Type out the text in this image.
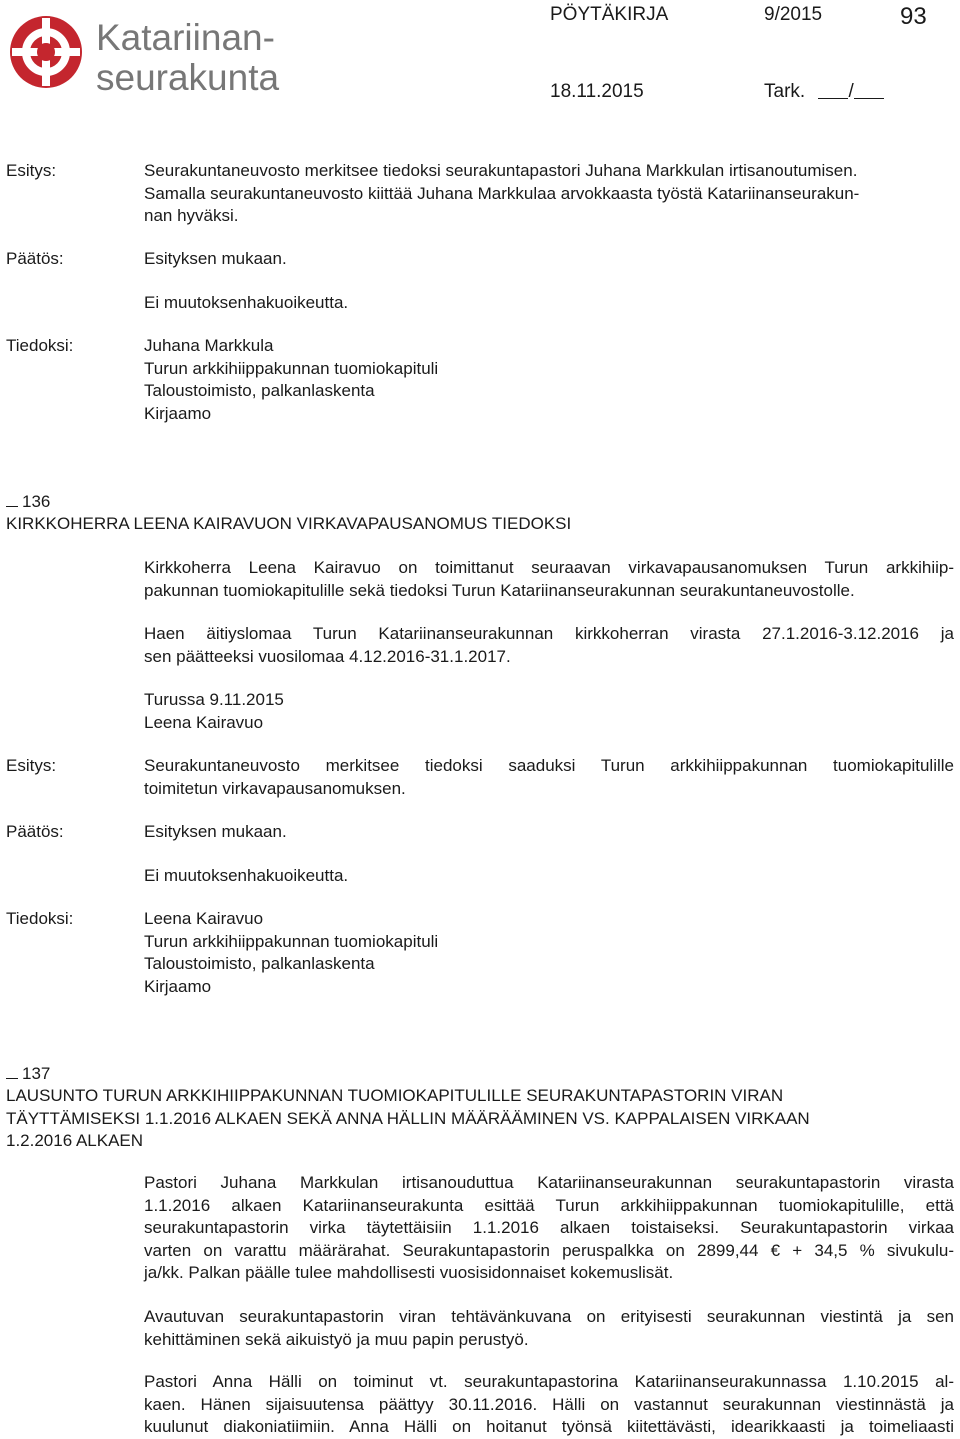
Katariinan-
seurakunta
PÖYTÄKIRJA	9/2015	93
18.11.2015	Tark. /
Esitys:	Seurakuntaneuvosto merkitsee tiedoksi seurakuntapastori Juhana Markkulan irtisanoutumisen.
Samalla seurakuntaneuvosto kiittää Juhana Markkulaa arvokkaasta työstä Katariinanseurakun-
nan hyväksi.
Päätös:	Esityksen mukaan.
Ei muutoksenhakuoikeutta.
Tiedoksi:	Juhana Markkula
Turun arkkihiippakunnan tuomiokapituli
Taloustoimisto, palkanlaskenta
Kirjaamo
136
KIRKKOHERRA LEENA KAIRAVUON VIRKAVAPAUSANOMUS TIEDOKSI
Kirkkoherra Leena Kairavuo on toimittanut seuraavan virkavapausanomuksen Turun arkkihiip-
pakunnan tuomiokapitulille sekä tiedoksi Turun Katariinanseurakunnan seurakuntaneuvostolle.
Haen äitiyslomaa Turun Katariinanseurakunnan kirkkoherran virasta 27.1.2016-3.12.2016 ja
sen päätteeksi vuosilomaa 4.12.2016-31.1.2017.
Turussa 9.11.2015
Leena Kairavuo
Esitys:	Seurakuntaneuvosto merkitsee tiedoksi saaduksi Turun arkkihiippakunnan tuomiokapitulille
toimitetun virkavapausanomuksen.
Päätös:	Esityksen mukaan.
Ei muutoksenhakuoikeutta.
Tiedoksi:	Leena Kairavuo
Turun arkkihiippakunnan tuomiokapituli
Taloustoimisto, palkanlaskenta
Kirjaamo
137
LAUSUNTO TURUN ARKKIHIIPPAKUNNAN TUOMIOKAPITULILLE SEURAKUNTAPASTORIN VIRAN
TÄYTTÄMISEKSI 1.1.2016 ALKAEN SEKÄ ANNA HÄLLIN MÄÄRÄÄMINEN VS. KAPPALAISEN VIRKAAN
1.2.2016 ALKAEN
Pastori Juhana Markkulan irtisanouduttua Katariinanseurakunnan seurakuntapastorin virasta
1.1.2016 alkaen Katariinanseurakunta esittää Turun arkkihiippakunnan tuomiokapitulille, että
seurakuntapastorin virka täytettäisiin 1.1.2016 alkaen toistaiseksi. Seurakuntapastorin virkaa
varten on varattu määrärahat. Seurakuntapastorin peruspalkka on 2899,44 € + 34,5 % sivukulu-
ja/kk. Palkan päälle tulee mahdollisesti vuosisidonnaiset kokemuslisät.
Avautuvan seurakuntapastorin viran tehtävänkuvana on erityisesti seurakunnan viestintä ja sen
kehittäminen sekä aikuistyö ja muu papin perustyö.
Pastori Anna Hälli on toiminut vt. seurakuntapastorina Katariinanseurakunnassa 1.10.2015 al-
kaen. Hänen sijaisuutensa päättyy 30.11.2016. Hälli on vastannut seurakunnan viestinnästä ja
kuulunut diakoniatiimiin. Anna Hälli on hoitanut työnsä kiitettävästi, idearikkaasti ja toimeliaasti
